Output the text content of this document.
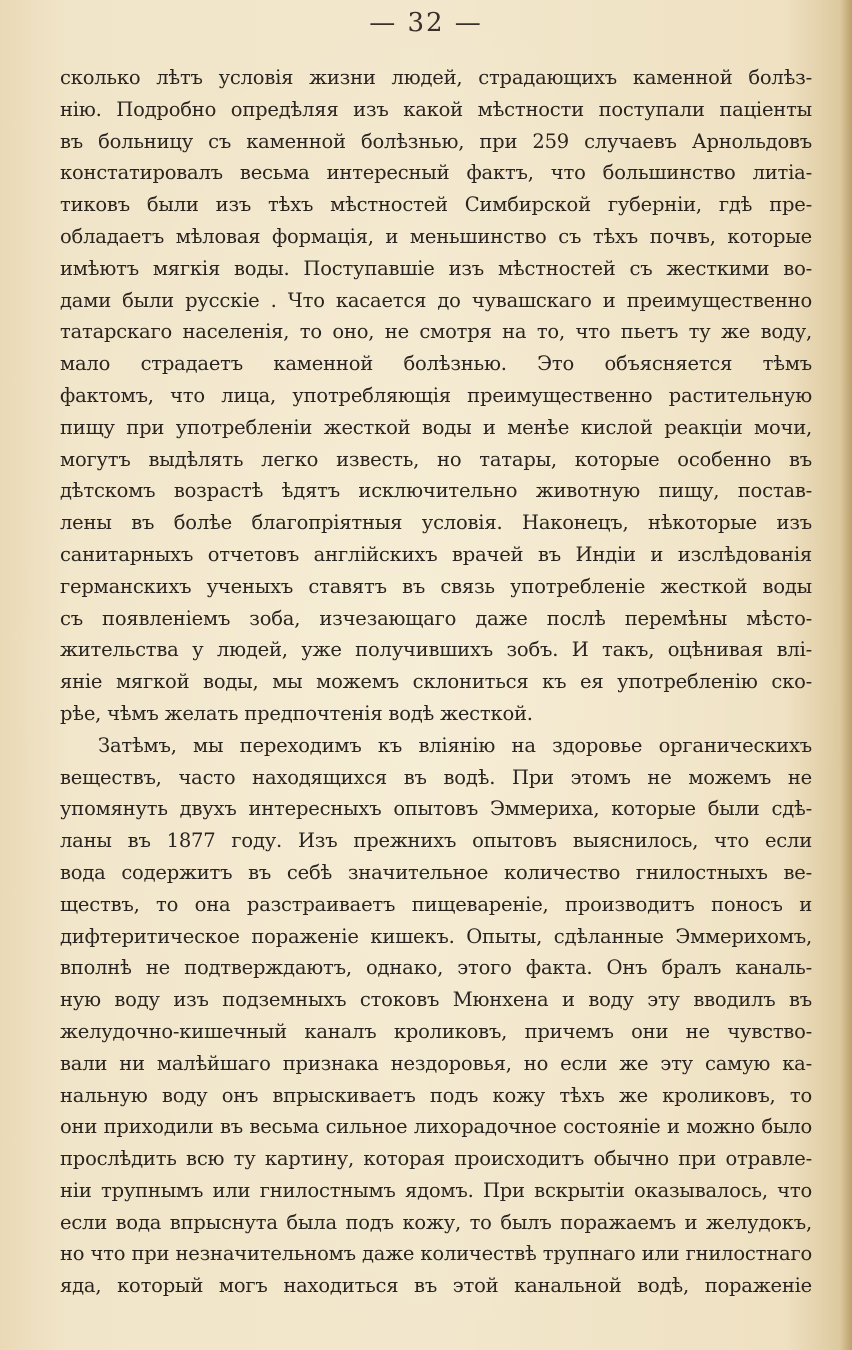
— 32 —
сколько лѣтъ условія жизни людей, страдающихъ каменной болѣз-
нію. Подробно опредѣляя изъ какой мѣстности поступали паціенты
въ больницу съ каменной болѣзнью, при 259 случаевъ Арнольдовъ
констатировалъ весьма интересный фактъ, что большинство литіа-
тиковъ были изъ тѣхъ мѣстностей Симбирской губерніи, гдѣ пре-
обладаетъ мѣловая формація, и меньшинство съ тѣхъ почвъ, которые
имѣютъ мягкія воды. Поступавшіе изъ мѣстностей съ жесткими во-
дами были русскіе . Что касается до чувашскаго и преимущественно
татарскаго населенія, то оно, не смотря на то, что пьетъ ту же воду,
мало страдаетъ каменной болѣзнью. Это объясняется тѣмъ
фактомъ, что лица, употребляющія преимущественно растительную
пищу при употребленіи жесткой воды и менѣе кислой реакціи мочи,
могутъ выдѣлять легко известь, но татары, которые особенно въ
дѣтскомъ возрастѣ ѣдятъ исключительно животную пищу, постав-
лены въ болѣе благопріятныя условія. Наконецъ, нѣкоторые изъ
санитарныхъ отчетовъ англійскихъ врачей въ Индіи и изслѣдованія
германскихъ ученыхъ ставятъ въ связь употребленіе жесткой воды
съ появленіемъ зоба, изчезающаго даже послѣ перемѣны мѣсто-
жительства у людей, уже получившихъ зобъ. И такъ, оцѣнивая влі-
яніе мягкой воды, мы можемъ склониться къ ея употребленію ско-
рѣе, чѣмъ желать предпочтенія водѣ жесткой.
Затѣмъ, мы переходимъ къ вліянію на здоровье органическихъ
веществъ, часто находящихся въ водѣ. При этомъ не можемъ не
упомянуть двухъ интересныхъ опытовъ Эммериха, которые были сдѣ-
ланы въ 1877 году. Изъ прежнихъ опытовъ выяснилось, что если
вода содержитъ въ себѣ значительное количество гнилостныхъ ве-
ществъ, то она разстраиваетъ пищевареніе, производитъ поносъ и
дифтеритическое пораженіе кишекъ. Опыты, сдѣланные Эммерихомъ,
вполнѣ не подтверждаютъ, однако, этого факта. Онъ бралъ каналь-
ную воду изъ подземныхъ стоковъ Мюнхена и воду эту вводилъ въ
желудочно-кишечный каналъ кроликовъ, причемъ они не чувство-
вали ни малѣйшаго признака нездоровья, но если же эту самую ка-
нальную воду онъ впрыскиваетъ подъ кожу тѣхъ же кроликовъ, то
они приходили въ весьма сильное лихорадочное состояніе и можно было
прослѣдить всю ту картину, которая происходитъ обычно при отравле-
ніи трупнымъ или гнилостнымъ ядомъ. При вскрытіи оказывалось, что
если вода впрыснута была подъ кожу, то былъ поражаемъ и желудокъ,
но что при незначительномъ даже количествѣ трупнаго или гнилостнаго
яда, который могъ находиться въ этой канальной водѣ, пораженіе
